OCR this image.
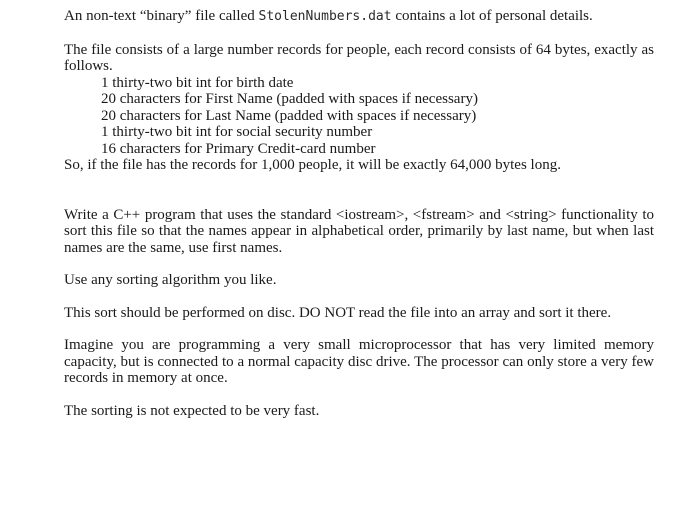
An non-text “binary” file called StolenNumbers.dat contains a lot of personal details.

The file consists of a large number records for people, each record consists of 64 bytes, exactly as follows.

1 thirty-two bit int for birth date
20 characters for First Name (padded with spaces if necessary)
20 characters for Last Name (padded with spaces if necessary)
1 thirty-two bit int for social security number
16 characters for Primary Credit-card number

So, if the file has the records for 1,000 people, it will be exactly 64,000 bytes long.

Write a C++ program that uses the standard <iostream>, <fstream> and <string> functionality to sort this file so that the names appear in alphabetical order, primarily by last name, but when last names are the same, use first names.

Use any sorting algorithm you like.

This sort should be performed on disc. DO NOT read the file into an array and sort it there.

Imagine you are programming a very small microprocessor that has very limited memory capacity, but is connected to a normal capacity disc drive. The processor can only store a very few records in memory at once.

The sorting is not expected to be very fast.
